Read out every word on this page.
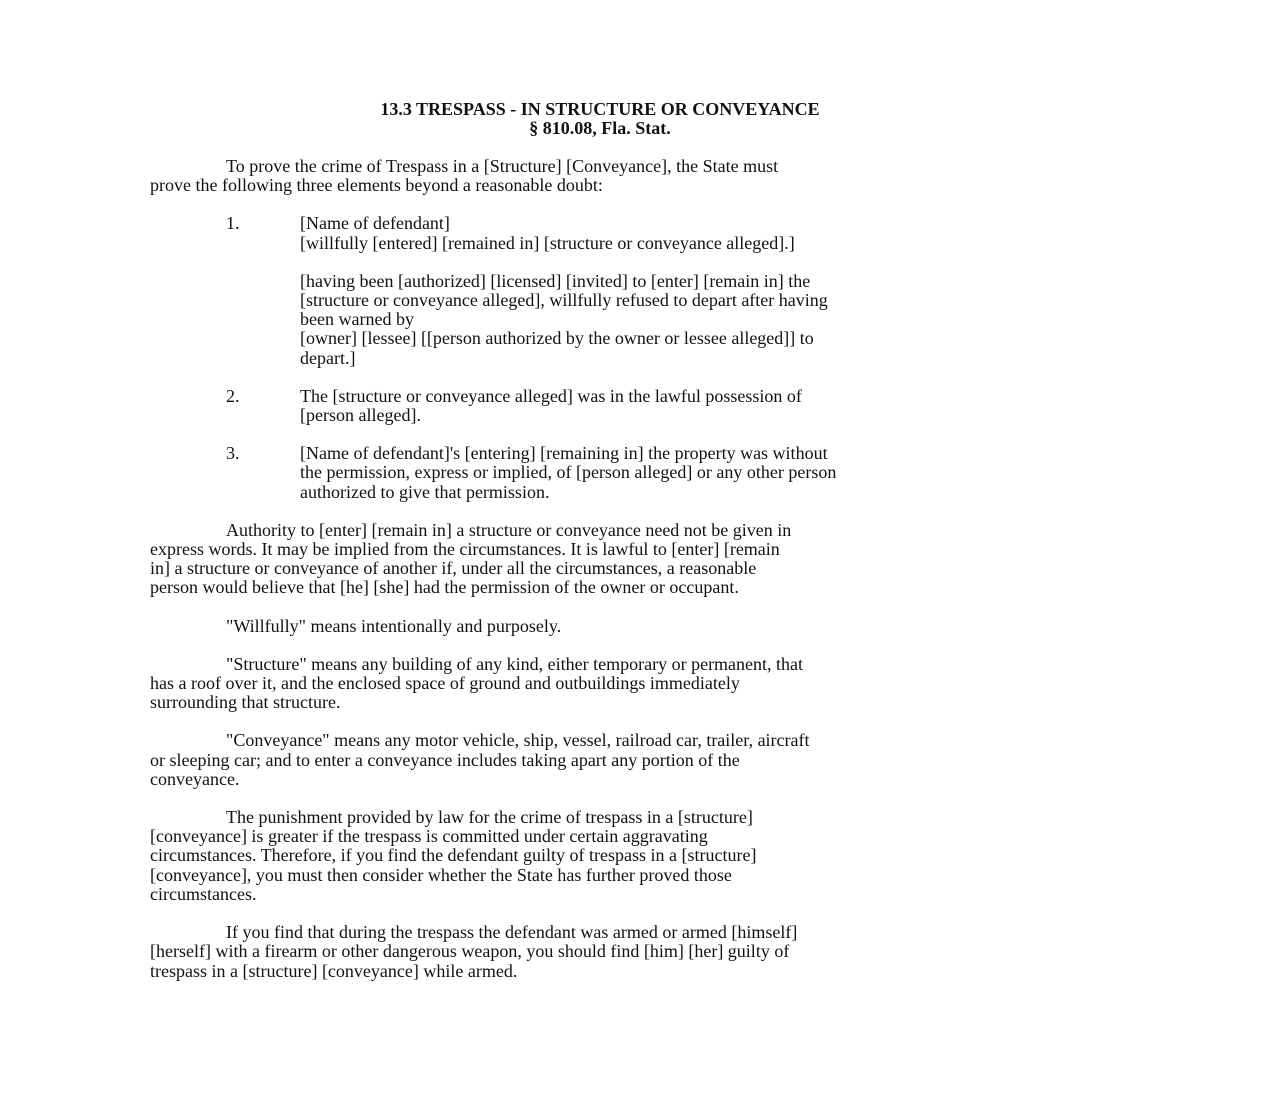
13.3 TRESPASS - IN STRUCTURE OR CONVEYANCE
§ 810.08, Fla. Stat.

To prove the crime of Trespass in a [Structure] [Conveyance], the State must
prove the following three elements beyond a reasonable doubt:

1.	[Name of defendant]
[willfully [entered] [remained in] [structure or conveyance alleged].]
[having been [authorized] [licensed] [invited] to [enter] [remain in] the
[structure or conveyance alleged], willfully refused to depart after having
been warned by
[owner] [lessee] [[person authorized by the owner or lessee alleged]] to
depart.]
2.	The [structure or conveyance alleged] was in the lawful possession of
[person alleged].
3.	[Name of defendant]'s [entering] [remaining in] the property was without
the permission, express or implied, of [person alleged] or any other person
authorized to give that permission.

Authority to [enter] [remain in] a structure or conveyance need not be given in
express words. It may be implied from the circumstances. It is lawful to [enter] [remain
in] a structure or conveyance of another if, under all the circumstances, a reasonable
person would believe that [he] [she] had the permission of the owner or occupant.

"Willfully" means intentionally and purposely.

"Structure" means any building of any kind, either temporary or permanent, that
has a roof over it, and the enclosed space of ground and outbuildings immediately
surrounding that structure.

"Conveyance" means any motor vehicle, ship, vessel, railroad car, trailer, aircraft
or sleeping car; and to enter a conveyance includes taking apart any portion of the
conveyance.

The punishment provided by law for the crime of trespass in a [structure]
[conveyance] is greater if the trespass is committed under certain aggravating
circumstances. Therefore, if you find the defendant guilty of trespass in a [structure]
[conveyance], you must then consider whether the State has further proved those
circumstances.

If you find that during the trespass the defendant was armed or armed [himself]
[herself] with a firearm or other dangerous weapon, you should find [him] [her] guilty of
trespass in a [structure] [conveyance] while armed.
